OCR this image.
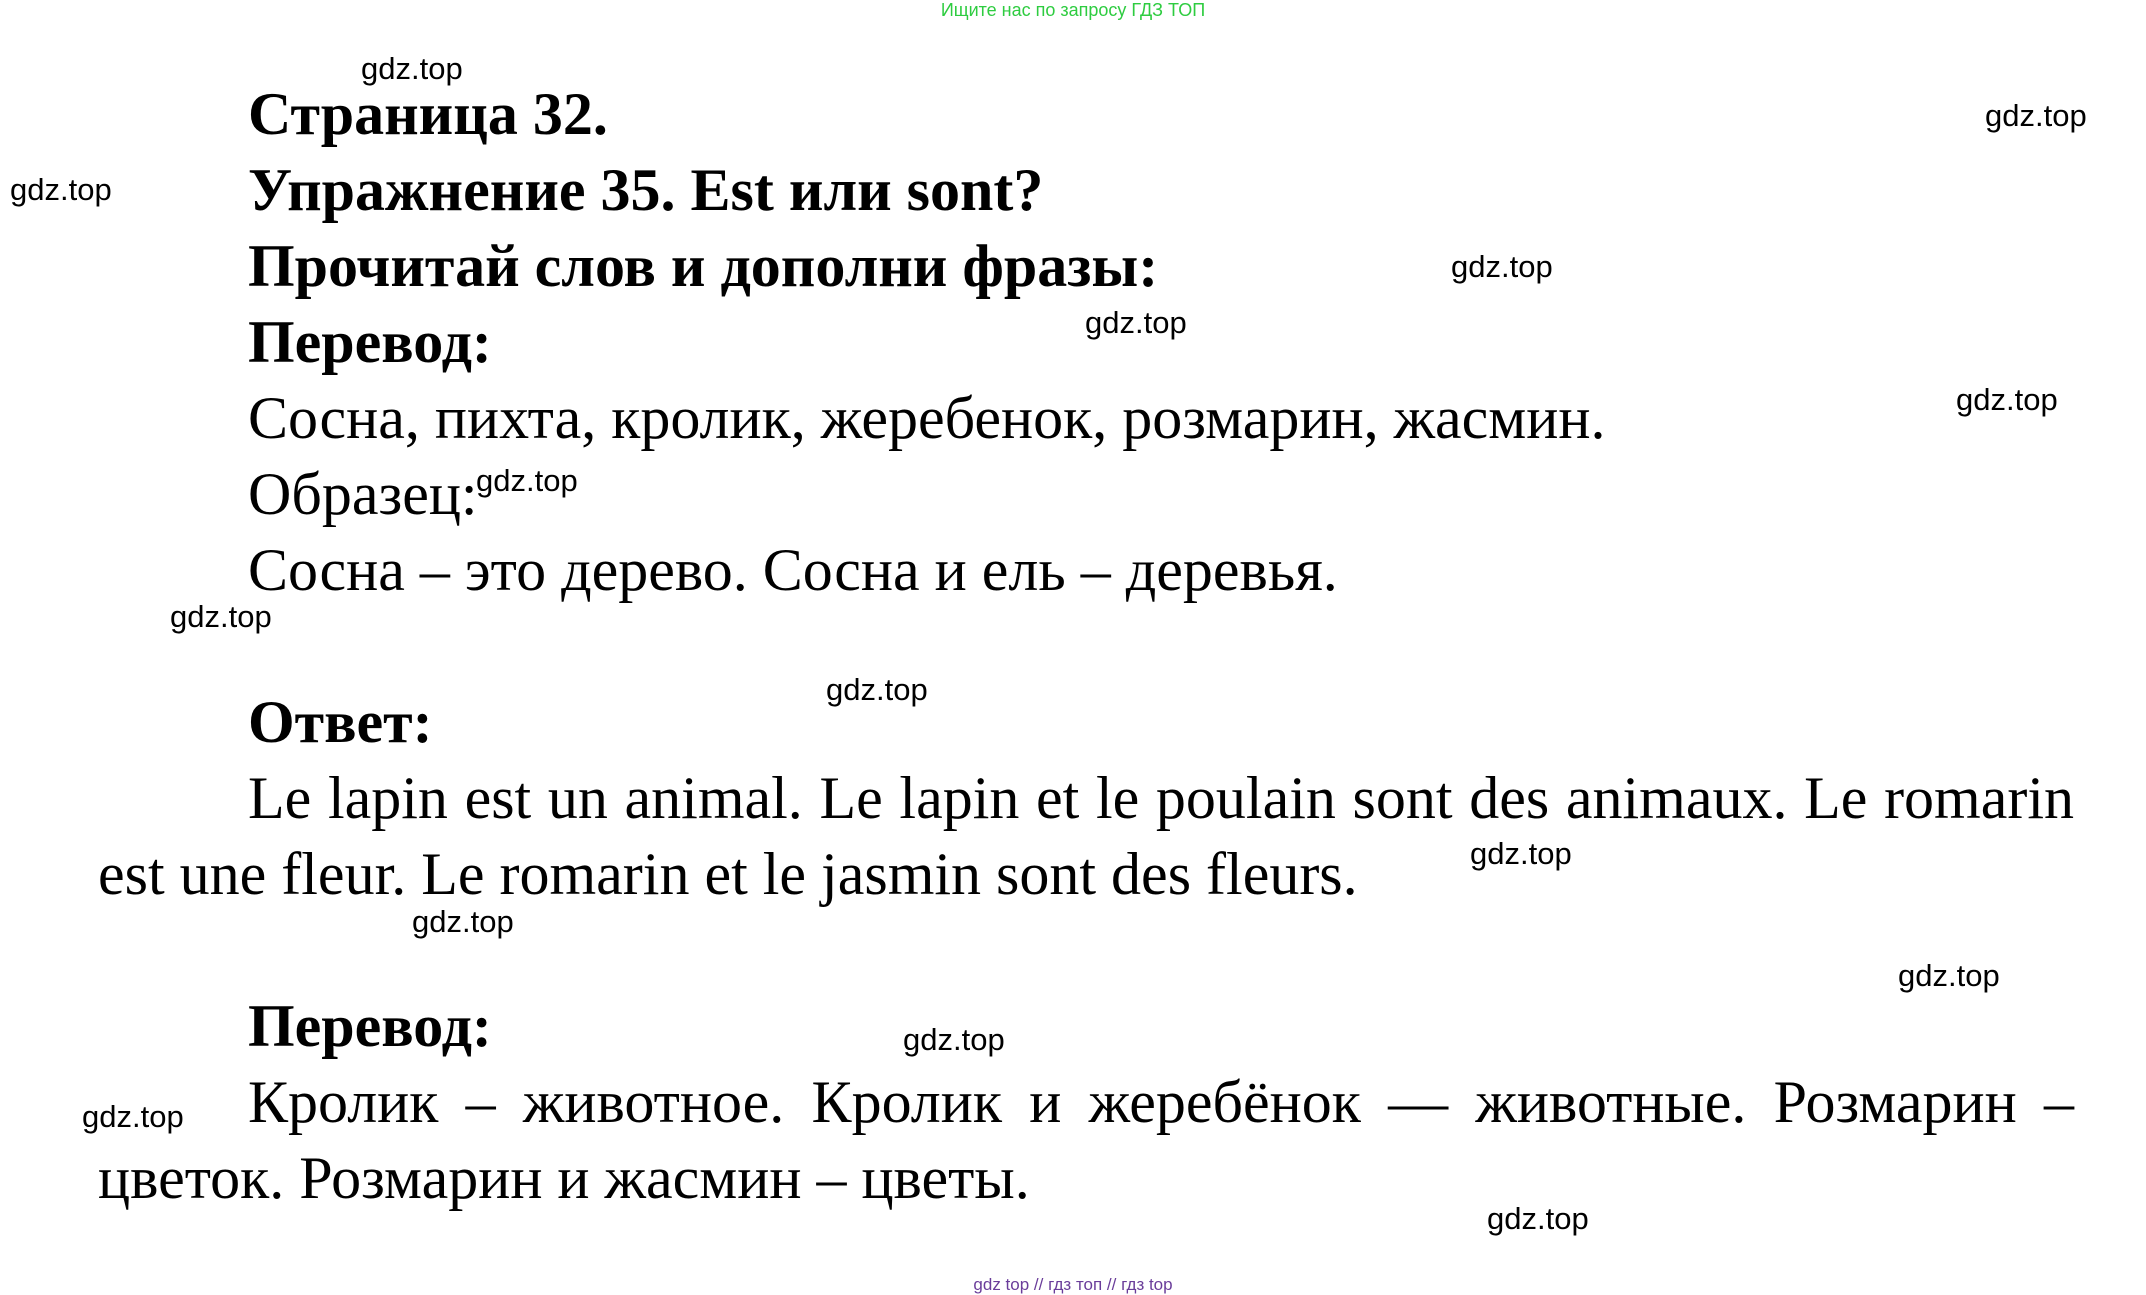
Ищите нас по запросу ГДЗ ТОП
Страница 32.
Упражнение 35. Est или sont?
Прочитай слов и дополни фразы:
Перевод:
Сосна, пихта, кролик, жеребенок, розмарин, жасмин.
Образец:
Сосна – это дерево. Сосна и ель – деревья.
Ответ:
Le lapin est un animal. Le lapin et le poulain sont des animaux. Le romarin
est une fleur. Le romarin et le jasmin sont des fleurs.
Перевод:
Кролик – животное. Кролик и жеребёнок — животные. Розмарин –
цветок. Розмарин и жасмин – цветы.
gdz.top
gdz.top
gdz.top
gdz.top
gdz.top
gdz.top
gdz.top
gdz.top
gdz.top
gdz.top
gdz.top
gdz.top
gdz.top
gdz.top
gdz.top
gdz top // гдз топ // гдз top
